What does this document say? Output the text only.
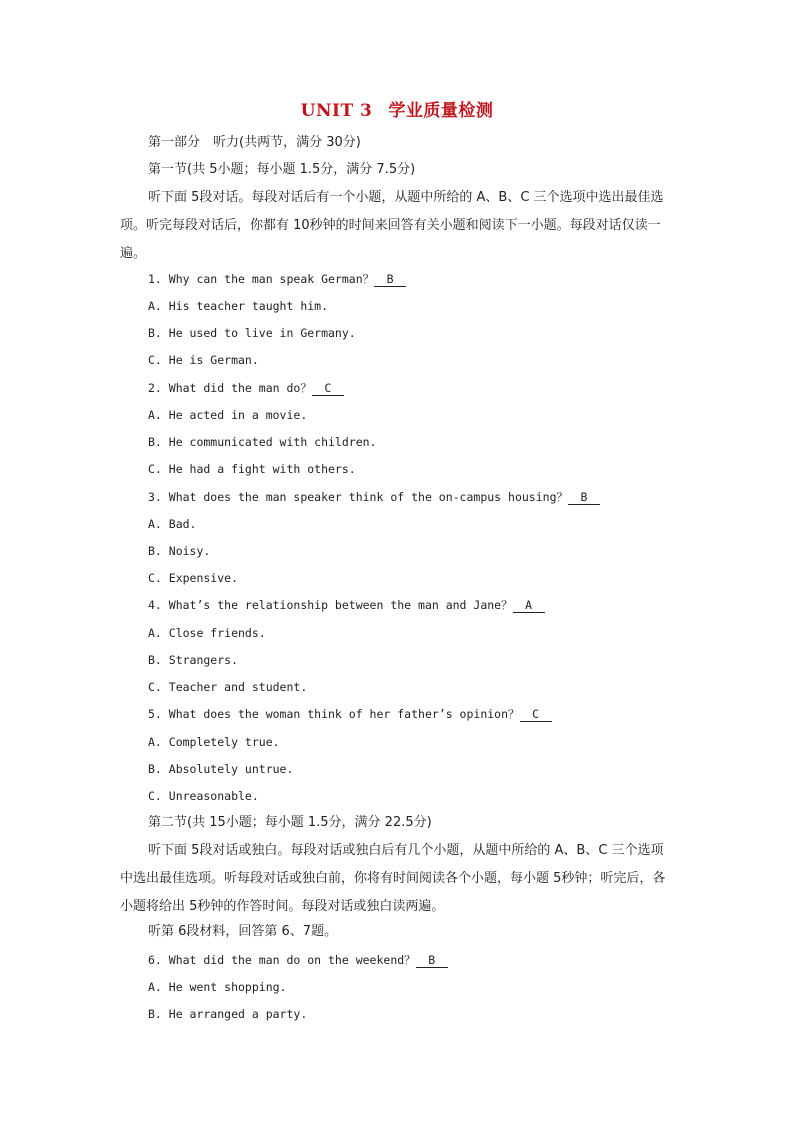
UNIT 3 学业质量检测
第一部分　听力(共两节，满分 30分)
第一节(共 5小题；每小题 1.5分，满分 7.5分)
听下面 5段对话。每段对话后有一个小题，从题中所给的 A、B、C 三个选项中选出最佳选项。听完每段对话后，你都有 10秒钟的时间来回答有关小题和阅读下一小题。每段对话仅读一遍。
1. Why can the man speak German？ B
A. His teacher taught him.
B. He used to live in Germany.
C. He is German.
2. What did the man do？ C
A. He acted in a movie.
B. He communicated with children.
C. He had a fight with others.
3. What does the man speaker think of the on-campus housing？ B
A. Bad.
B. Noisy.
C. Expensive.
4. What’s the relationship between the man and Jane？ A
A. Close friends.
B. Strangers.
C. Teacher and student.
5. What does the woman think of her father’s opinion？ C
A. Completely true.
B. Absolutely untrue.
C. Unreasonable.
第二节(共 15小题；每小题 1.5分，满分 22.5分)
听下面 5段对话或独白。每段对话或独白后有几个小题，从题中所给的 A、B、C 三个选项中选出最佳选项。听每段对话或独白前，你将有时间阅读各个小题，每小题 5秒钟；听完后，各小题将给出 5秒钟的作答时间。每段对话或独白读两遍。
听第 6段材料，回答第 6、7题。
6. What did the man do on the weekend？ B
A. He went shopping.
B. He arranged a party.
